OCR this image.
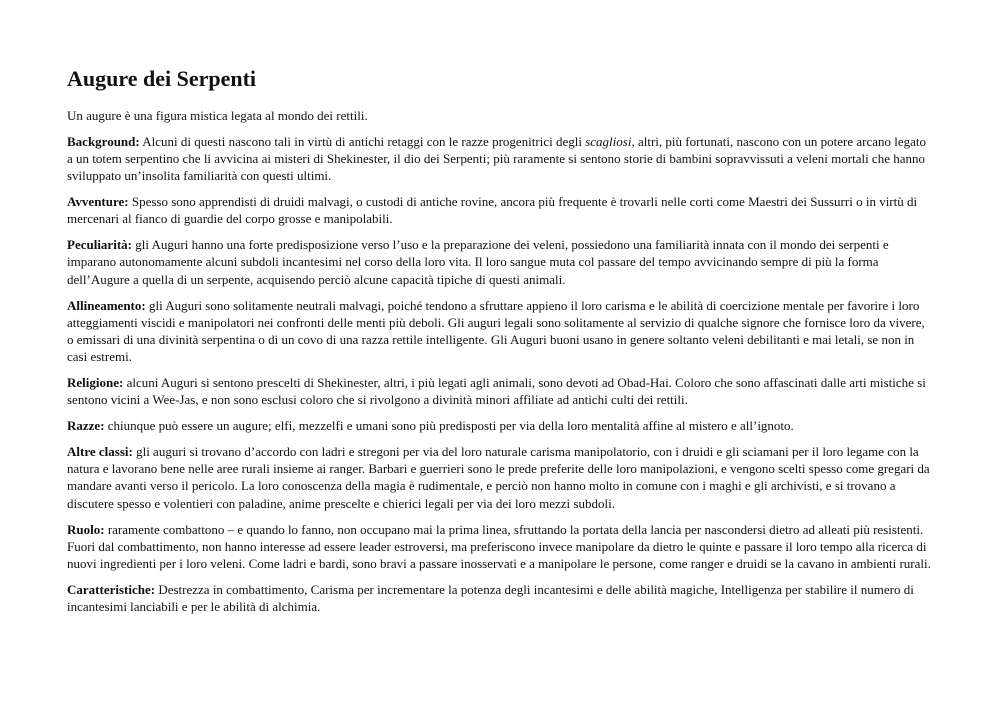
Augure dei Serpenti

Un augure è una figura mistica legata al mondo dei rettili.

Background: Alcuni di questi nascono tali in virtù di antichi retaggi con le razze progenitrici degli scagliosi, altri, più fortunati, nascono con un potere arcano legato a un totem serpentino che li avvicina ai misteri di Shekinester, il dio dei Serpenti; più raramente si sentono storie di bambini sopravvissuti a veleni mortali che hanno sviluppato un’insolita familiarità con questi ultimi.

Avventure: Spesso sono apprendisti di druidi malvagi, o custodi di antiche rovine, ancora più frequente è trovarli nelle corti come Maestri dei Sussurri o in virtù di mercenari al fianco di guardie del corpo grosse e manipolabili.

Peculiarità: gli Auguri hanno una forte predisposizione verso l’uso e la preparazione dei veleni, possiedono una familiarità innata con il mondo dei serpenti e imparano autonomamente alcuni subdoli incantesimi nel corso della loro vita. Il loro sangue muta col passare del tempo avvicinando sempre di più la forma dell’Augure a quella di un serpente, acquisendo perciò alcune capacità tipiche di questi animali.

Allineamento: gli Auguri sono solitamente neutrali malvagi, poiché tendono a sfruttare appieno il loro carisma e le abilità di coercizione mentale per favorire i loro atteggiamenti viscidi e manipolatori nei confronti delle menti più deboli. Gli auguri legali sono solitamente al servizio di qualche signore che fornisce loro da vivere, o emissari di una divinità serpentina o di un covo di una razza rettile intelligente. Gli Auguri buoni usano in genere soltanto veleni debilitanti e mai letali, se non in casi estremi.

Religione: alcuni Auguri si sentono prescelti di Shekinester, altri, i più legati agli animali, sono devoti ad Obad-Hai. Coloro che sono affascinati dalle arti mistiche si sentono vicini a Wee-Jas, e non sono esclusi coloro che si rivolgono a divinità minori affiliate ad antichi culti dei rettili.

Razze: chiunque può essere un augure; elfi, mezzelfi e umani sono più predisposti per via della loro mentalità affine al mistero e all’ignoto.

Altre classi: gli auguri si trovano d’accordo con ladri e stregoni per via del loro naturale carisma manipolatorio, con i druidi e gli sciamani per il loro legame con la natura e lavorano bene nelle aree rurali insieme ai ranger. Barbari e guerrieri sono le prede preferite delle loro manipolazioni, e vengono scelti spesso come gregari da mandare avanti verso il pericolo. La loro conoscenza della magia è rudimentale, e perciò non hanno molto in comune con i maghi e gli archivisti, e si trovano a discutere spesso e volentieri con paladine, anime prescelte e chierici legali per via dei loro mezzi subdoli.

Ruolo: raramente combattono – e quando lo fanno, non occupano mai la prima linea, sfruttando la portata della lancia per nascondersi dietro ad alleati più resistenti. Fuori dal combattimento, non hanno interesse ad essere leader estroversi, ma preferiscono invece manipolare da dietro le quinte e passare il loro tempo alla ricerca di nuovi ingredienti per i loro veleni. Come ladri e bardi, sono bravi a passare inosservati e a manipolare le persone, come ranger e druidi se la cavano in ambienti rurali.

Caratteristiche: Destrezza in combattimento, Carisma per incrementare la potenza degli incantesimi e delle abilità magiche, Intelligenza per stabilire il numero di incantesimi lanciabili e per le abilità di alchimia.
